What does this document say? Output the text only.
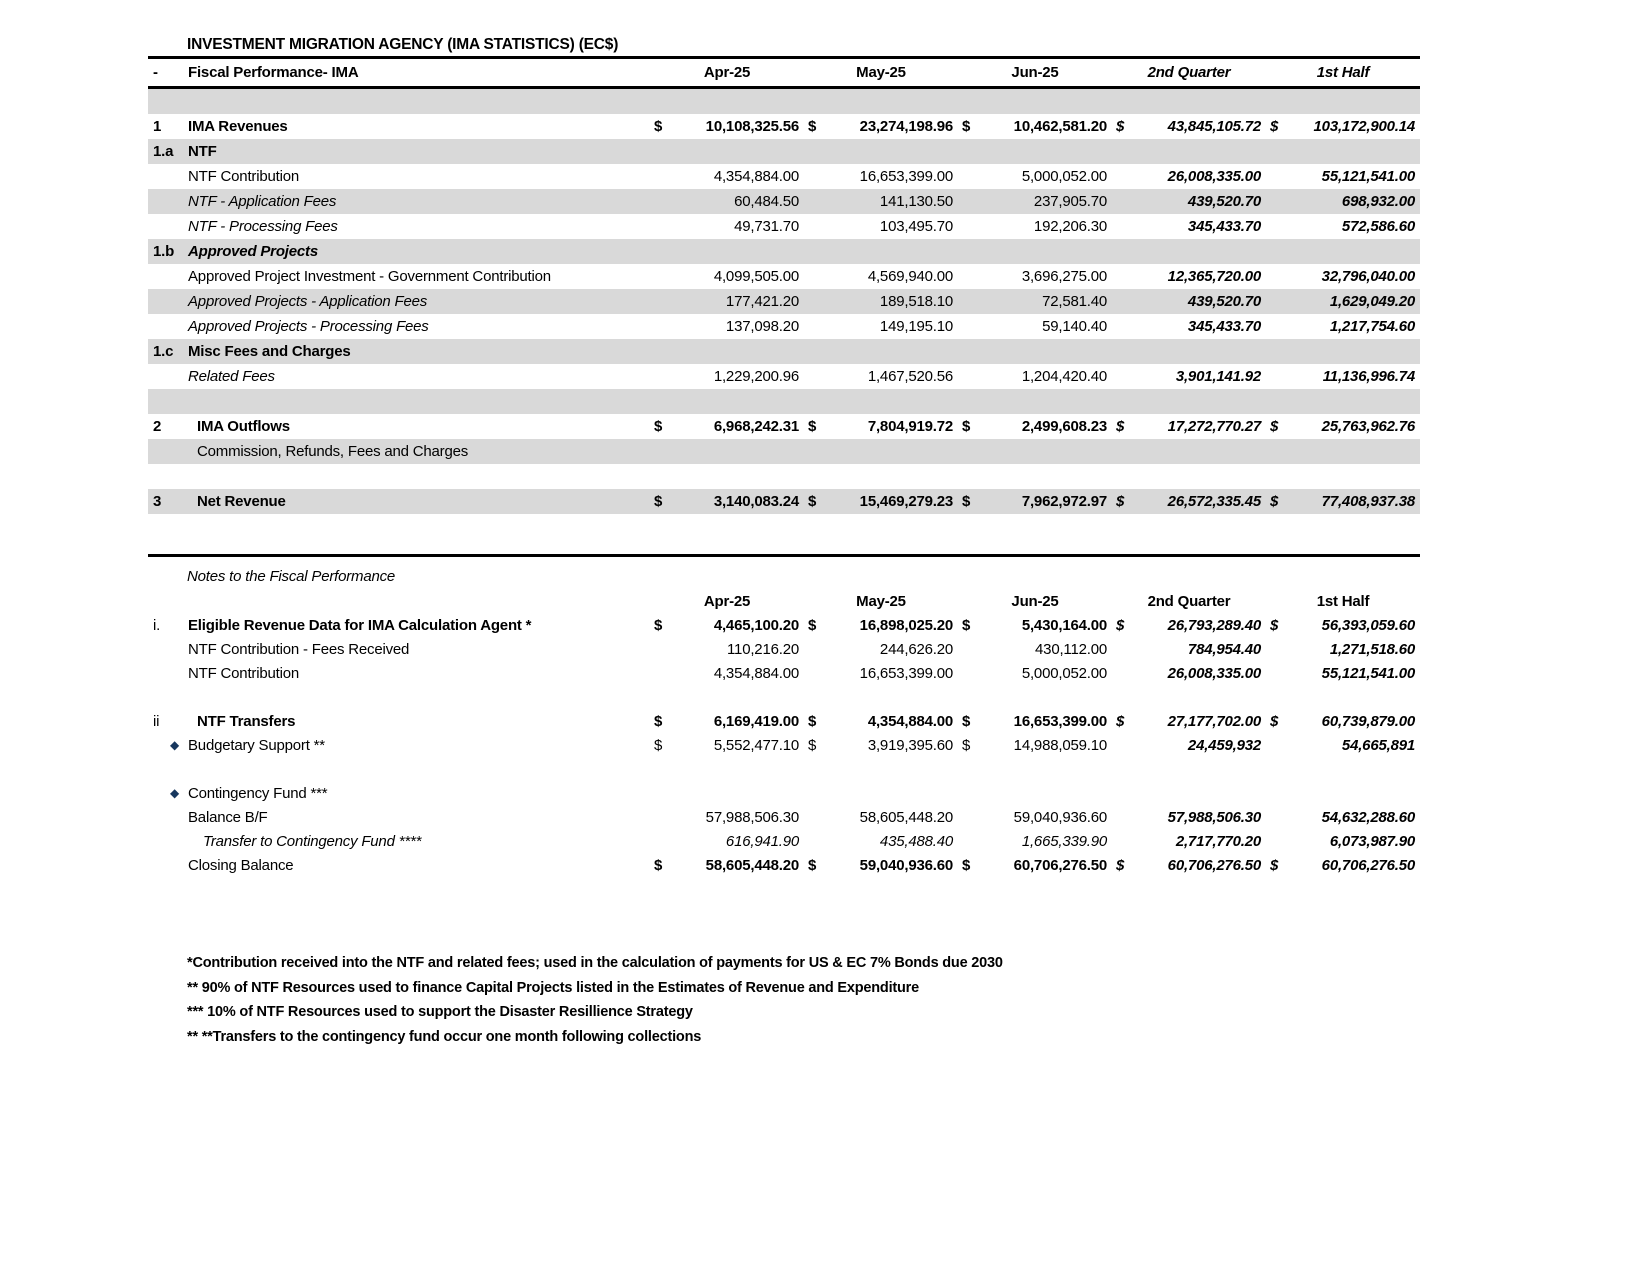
INVESTMENT MIGRATION AGENCY (IMA STATISTICS) (EC$)
-	Fiscal Performance- IMA	Apr-25	May-25	Jun-25	2nd Quarter	1st Half
1	IMA Revenues	$	10,108,325.56 $	23,274,198.96 $	10,462,581.20 $	43,845,105.72 $	103,172,900.14
1.a NTF
NTF Contribution	4,354,884.00	16,653,399.00	5,000,052.00	26,008,335.00	55,121,541.00
NTF - Application Fees	60,484.50	141,130.50	237,905.70	439,520.70	698,932.00
NTF - Processing Fees	49,731.70	103,495.70	192,206.30	345,433.70	572,586.60
1.b Approved Projects
Approved Project Investment - Government Contribution	4,099,505.00	4,569,940.00	3,696,275.00	12,365,720.00	32,796,040.00
Approved Projects - Application Fees	177,421.20	189,518.10	72,581.40	439,520.70	1,629,049.20
Approved Projects - Processing Fees	137,098.20	149,195.10	59,140.40	345,433.70	1,217,754.60
1.c Misc Fees and Charges
Related Fees	1,229,200.96	1,467,520.56	1,204,420.40	3,901,141.92	11,136,996.74
2	IMA Outflows	$	6,968,242.31 $	7,804,919.72 $	2,499,608.23 $	17,272,770.27 $	25,763,962.76
Commission, Refunds, Fees and Charges
3	Net Revenue	$	3,140,083.24 $	15,469,279.23 $	7,962,972.97 $	26,572,335.45 $	77,408,937.38
Notes to the Fiscal Performance
Apr-25	May-25	Jun-25	2nd Quarter	1st Half
i.	Eligible Revenue Data for IMA Calculation Agent *	$	4,465,100.20 $	16,898,025.20 $	5,430,164.00 $	26,793,289.40 $	56,393,059.60
NTF Contribution - Fees Received	110,216.20	244,626.20	430,112.00	784,954.40	1,271,518.60
NTF Contribution	4,354,884.00	16,653,399.00	5,000,052.00	26,008,335.00	55,121,541.00
ii	NTF Transfers	$	6,169,419.00 $	4,354,884.00 $	16,653,399.00 $	27,177,702.00 $	60,739,879.00
◆ Budgetary Support **	$	5,552,477.10 $	3,919,395.60 $	14,988,059.10	24,459,932	54,665,891
◆ Contingency Fund ***
Balance B/F	57,988,506.30	58,605,448.20	59,040,936.60	57,988,506.30	54,632,288.60
Transfer to Contingency Fund ****	616,941.90	435,488.40	1,665,339.90	2,717,770.20	6,073,987.90
Closing Balance	$	58,605,448.20 $	59,040,936.60 $	60,706,276.50 $	60,706,276.50 $	60,706,276.50
*Contribution received into the NTF and related fees; used in the calculation of payments for US & EC 7% Bonds due 2030
** 90% of NTF Resources used to finance Capital Projects listed in the Estimates of Revenue and Expenditure
*** 10% of NTF Resources used to support the Disaster Resillience Strategy
** **Transfers to the contingency fund occur one month following collections
